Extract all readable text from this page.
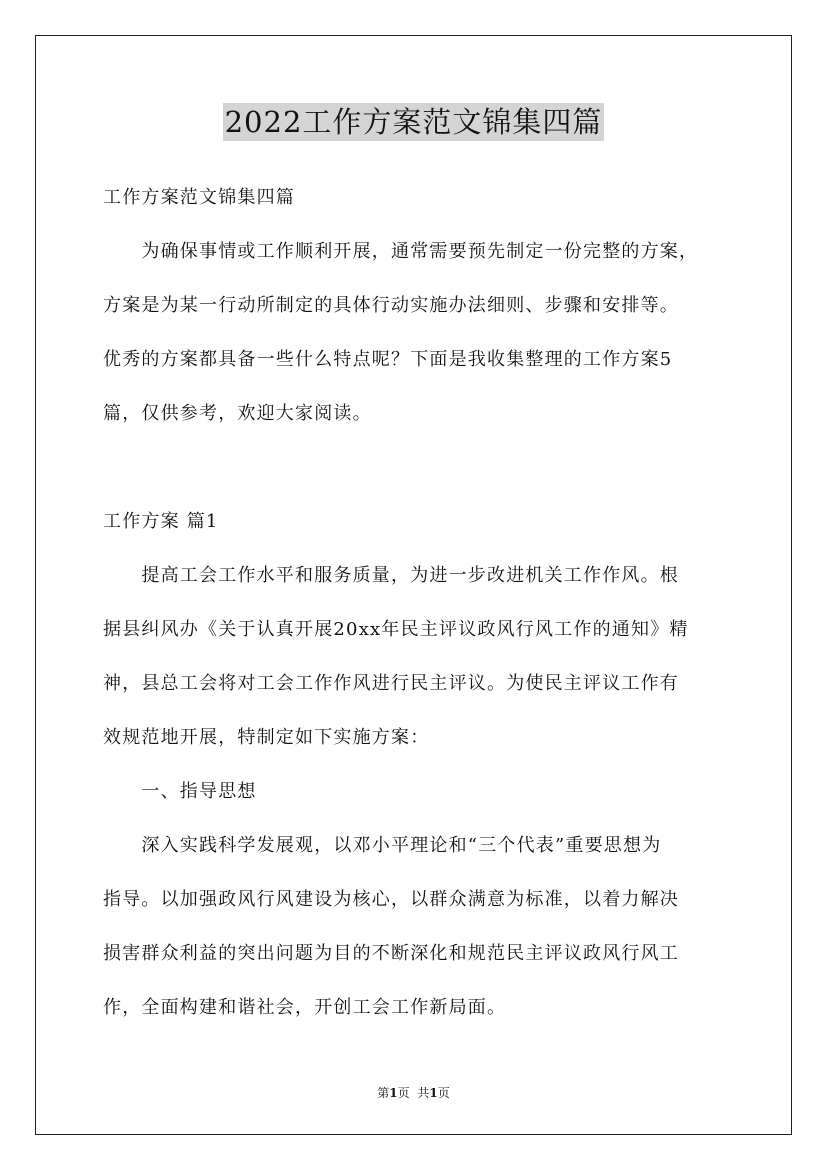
2022工作方案范文锦集四篇
工作方案范文锦集四篇
　　为确保事情或工作顺利开展，通常需要预先制定一份完整的方案，
方案是为某一行动所制定的具体行动实施办法细则、步骤和安排等。
优秀的方案都具备一些什么特点呢？下面是我收集整理的工作方案5
篇，仅供参考，欢迎大家阅读。
工作方案 篇1
　　提高工会工作水平和服务质量，为进一步改进机关工作作风。根
据县纠风办《关于认真开展20xx年民主评议政风行风工作的通知》精
神，县总工会将对工会工作作风进行民主评议。为使民主评议工作有
效规范地开展，特制定如下实施方案：
　　一、指导思想
　　深入实践科学发展观，以邓小平理论和“三个代表”重要思想为
指导。以加强政风行风建设为核心，以群众满意为标准，以着力解决
损害群众利益的突出问题为目的不断深化和规范民主评议政风行风工
作，全面构建和谐社会，开创工会工作新局面。
第1页 共1页
